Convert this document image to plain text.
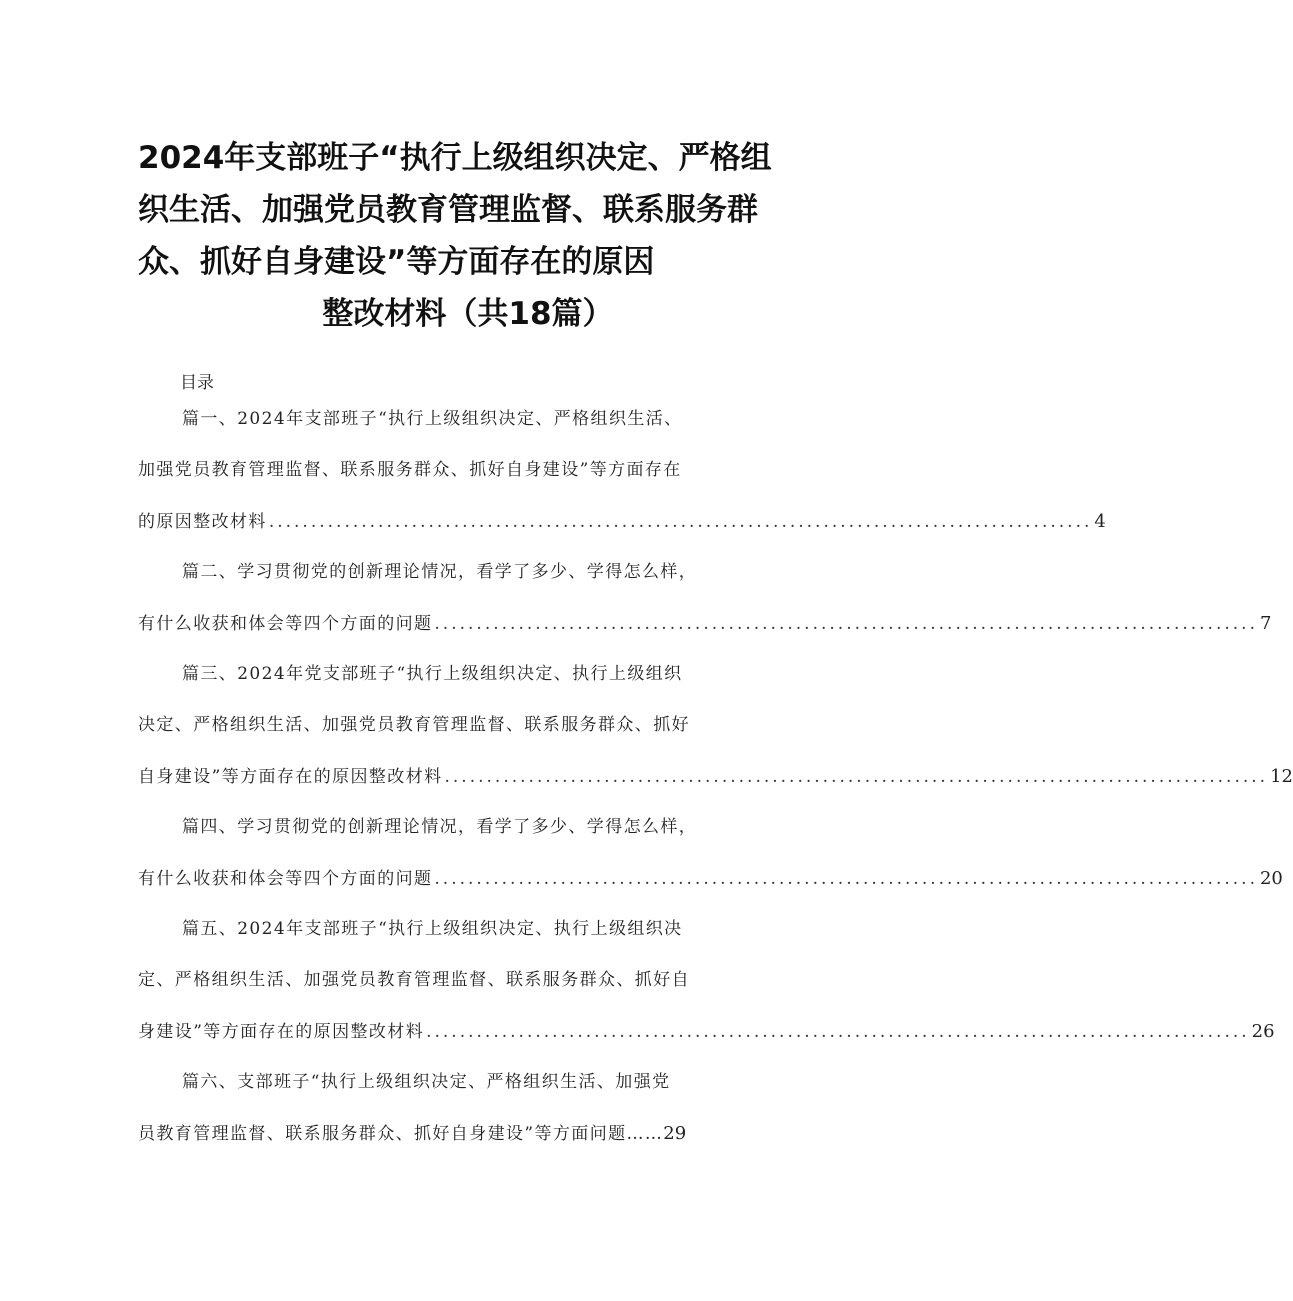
2024年支部班子“执行上级组织决定、严格组
织生活、加强党员教育管理监督、联系服务群
众、抓好自身建设”等方面存在的原因
整改材料（共18篇）
目录
篇一、2024年支部班子“执行上级组织决定、严格组织生活、
加强党员教育管理监督、联系服务群众、抓好自身建设”等方面存在
的原因整改材料 .................................................................................................. 4
篇二、学习贯彻党的创新理论情况，看学了多少、学得怎么样，
有什么收获和体会等四个方面的问题 .................................................................................................. 7
篇三、2024年党支部班子“执行上级组织决定、执行上级组织
决定、严格组织生活、加强党员教育管理监督、联系服务群众、抓好
自身建设”等方面存在的原因整改材料 .................................................................................................. 12
篇四、学习贯彻党的创新理论情况，看学了多少、学得怎么样，
有什么收获和体会等四个方面的问题 .................................................................................................. 20
篇五、2024年支部班子“执行上级组织决定、执行上级组织决
定、严格组织生活、加强党员教育管理监督、联系服务群众、抓好自
身建设”等方面存在的原因整改材料 .................................................................................................. 26
篇六、支部班子“执行上级组织决定、严格组织生活、加强党
员教育管理监督、联系服务群众、抓好自身建设”等方面问题…… 29
